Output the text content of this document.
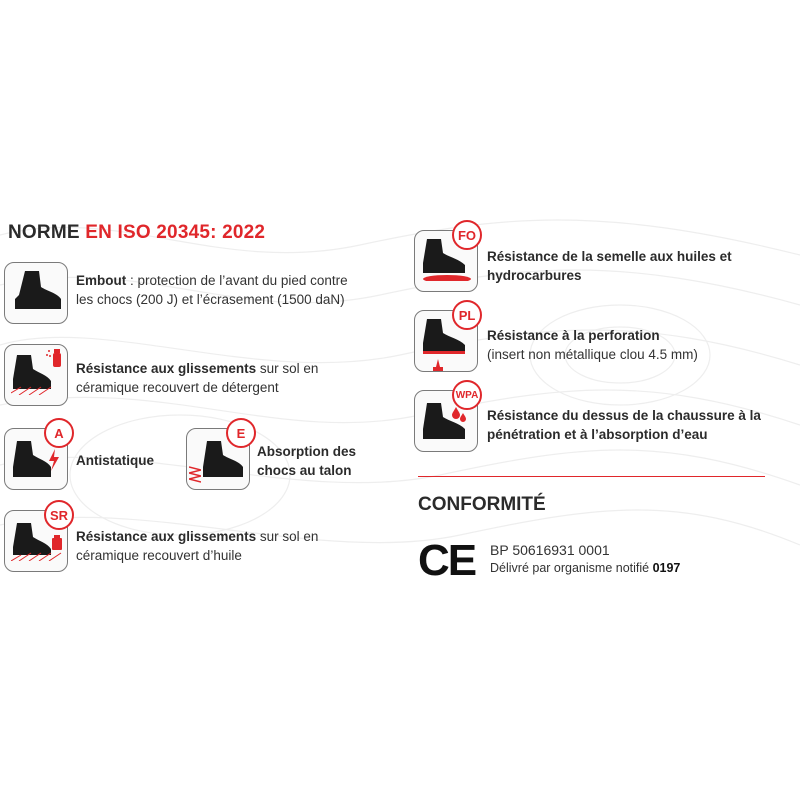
NORME EN ISO 20345: 2022
Embout : protection de l’avant du pied contre les chocs (200 J) et l’écrasement (1500 daN)
Résistance aux glissements sur sol en céramique recouvert de détergent
A
Antistatique
E
Absorption des chocs au talon
SR
Résistance aux glissements sur sol en céramique recouvert d’huile
FO
Résistance de la semelle aux huiles et hydrocarbures
PL
Résistance à la perforation
(insert non métallique clou 4.5 mm)
WPA
Résistance du dessus de la chaussure à la pénétration et à l’absorption d’eau
CONFORMITÉ
CE BP 50616931 0001
Délivré par organisme notifié 0197
